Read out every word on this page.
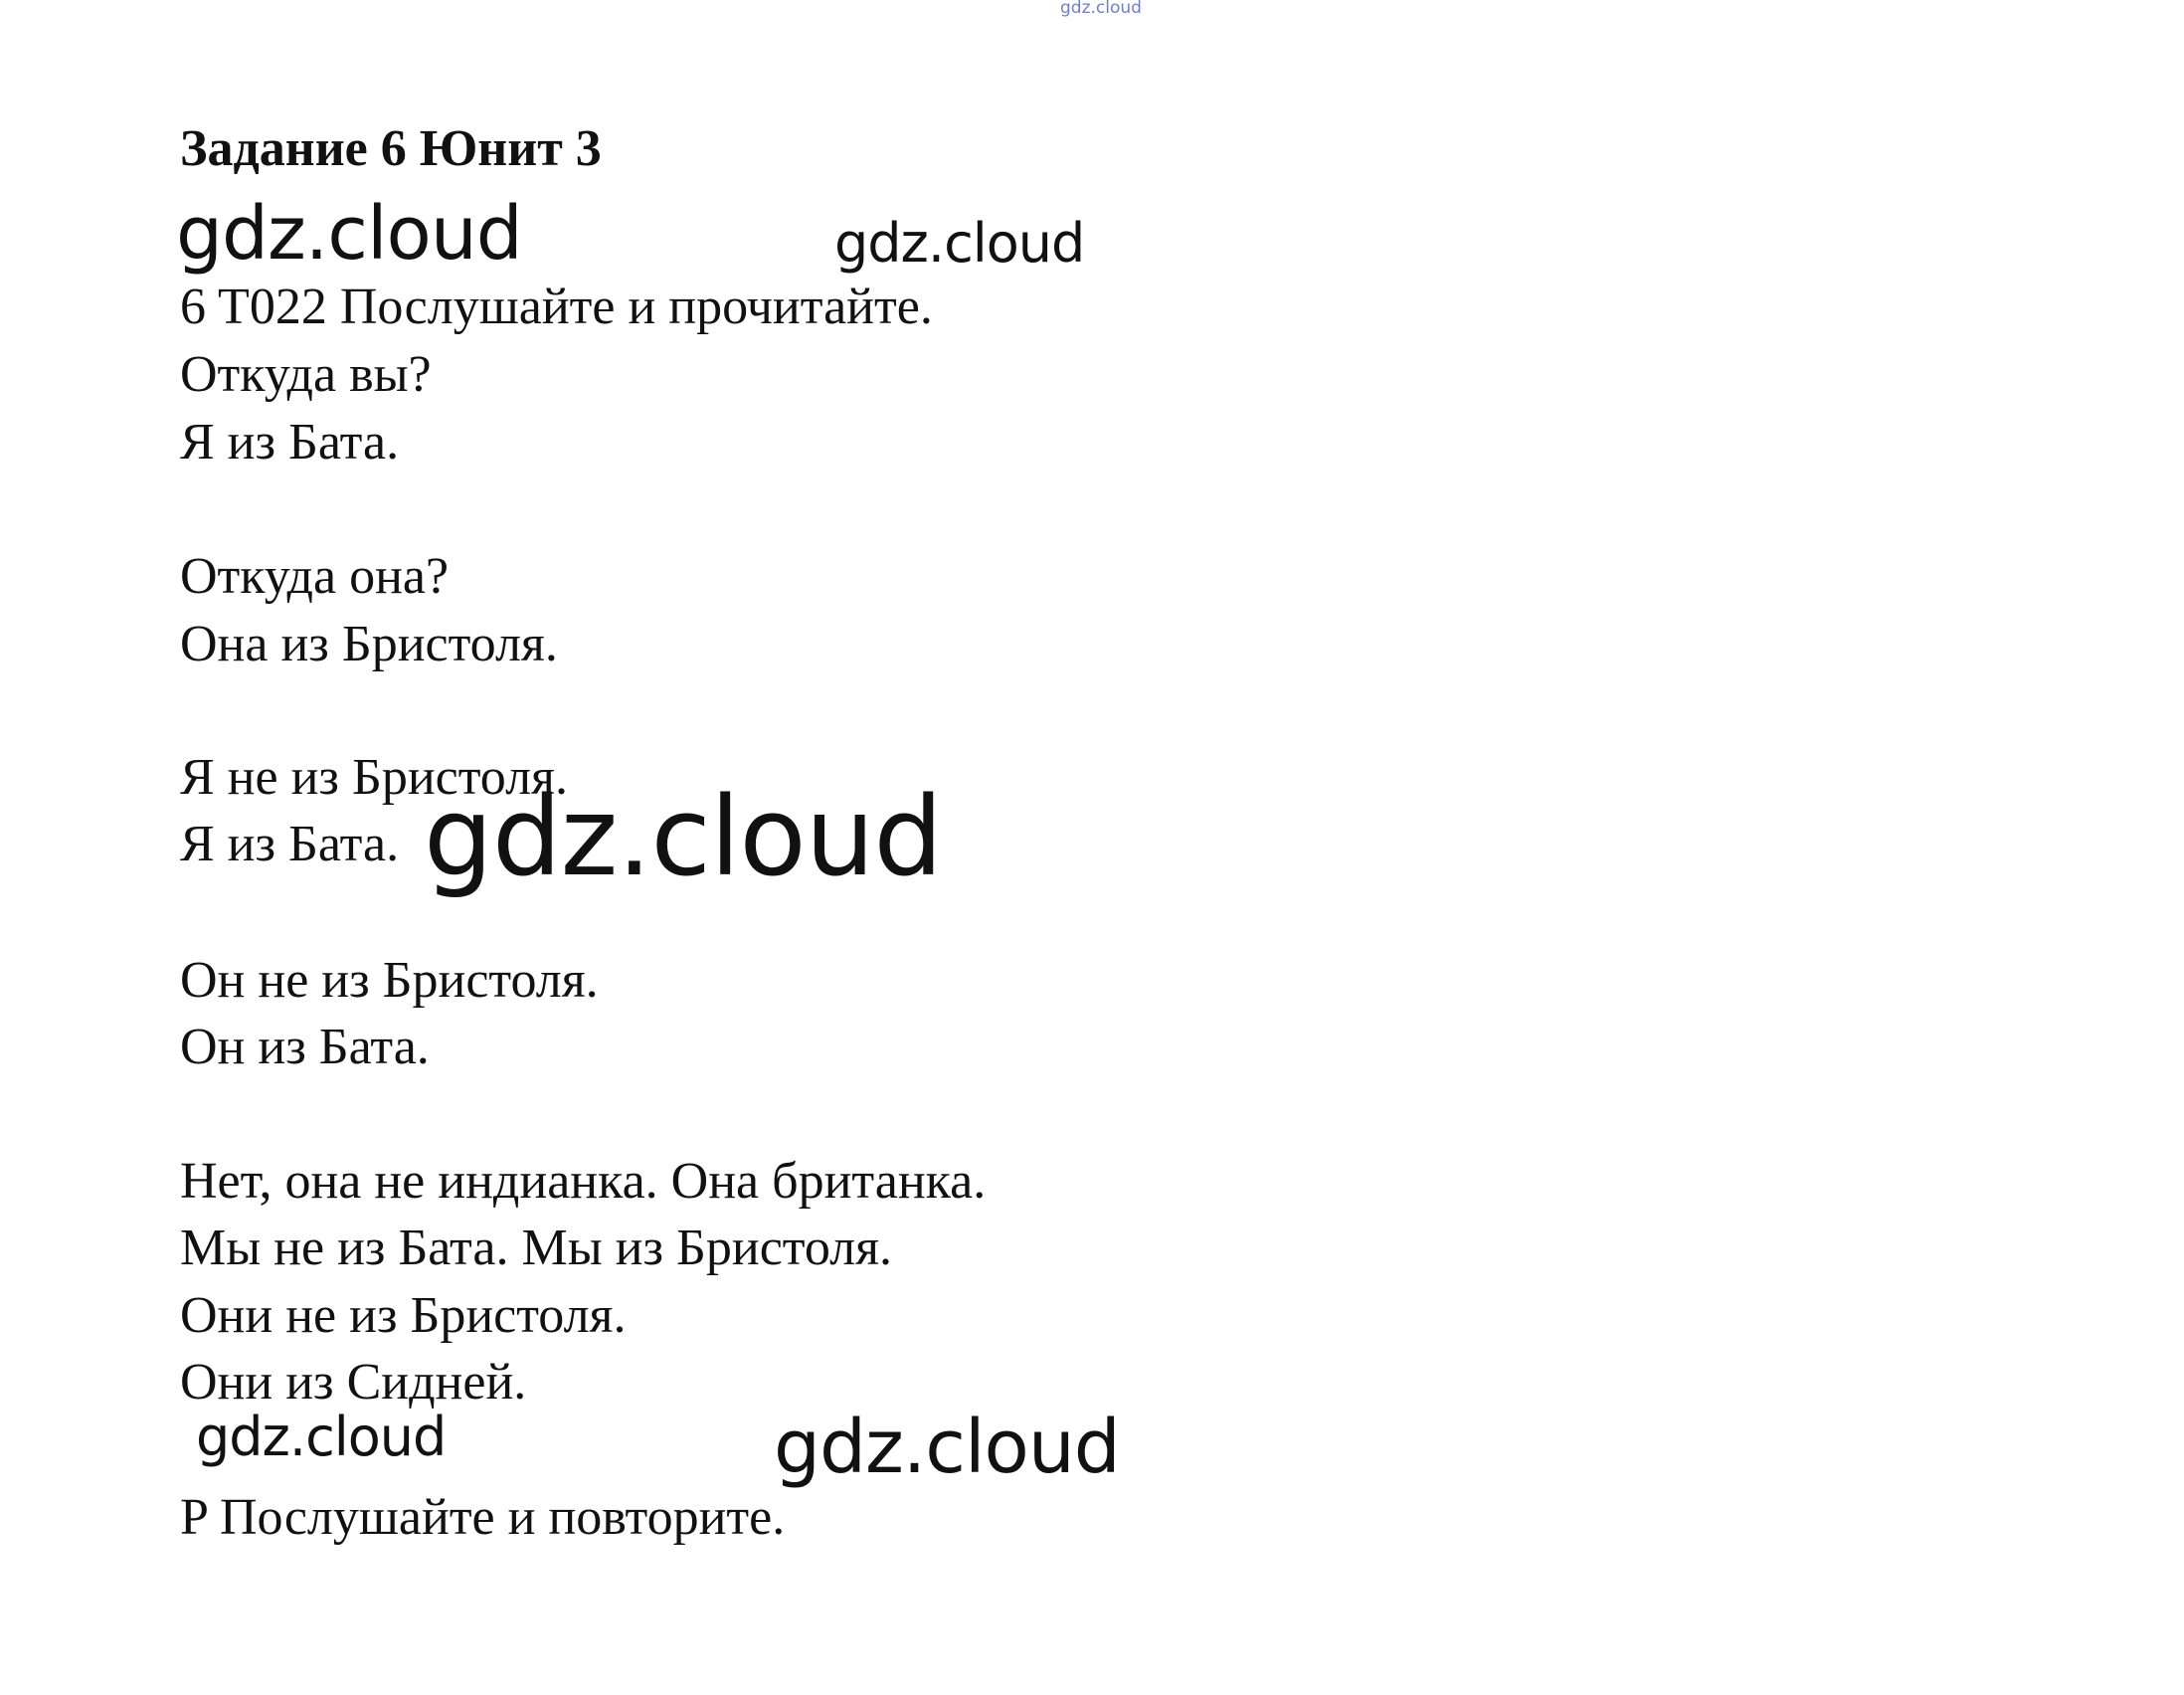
gdz.cloud
Задание 6 Юнит 3
gdz.cloud	gdz.cloud
6 T022 Послушайте и прочитайте.
Откуда вы?
Я из Бата.
Откуда она?
Она из Бристоля.
Я не из Бристоля.
Я из Бата. gdz.cloud
Он не из Бристоля.
Он из Бата.
Нет, она не индианка. Она британка.
Мы не из Бата. Мы из Бристоля.
Они не из Бристоля.
Они из Сидней.
gdz.cloud	gdz.cloud
P Послушайте и повторите.
